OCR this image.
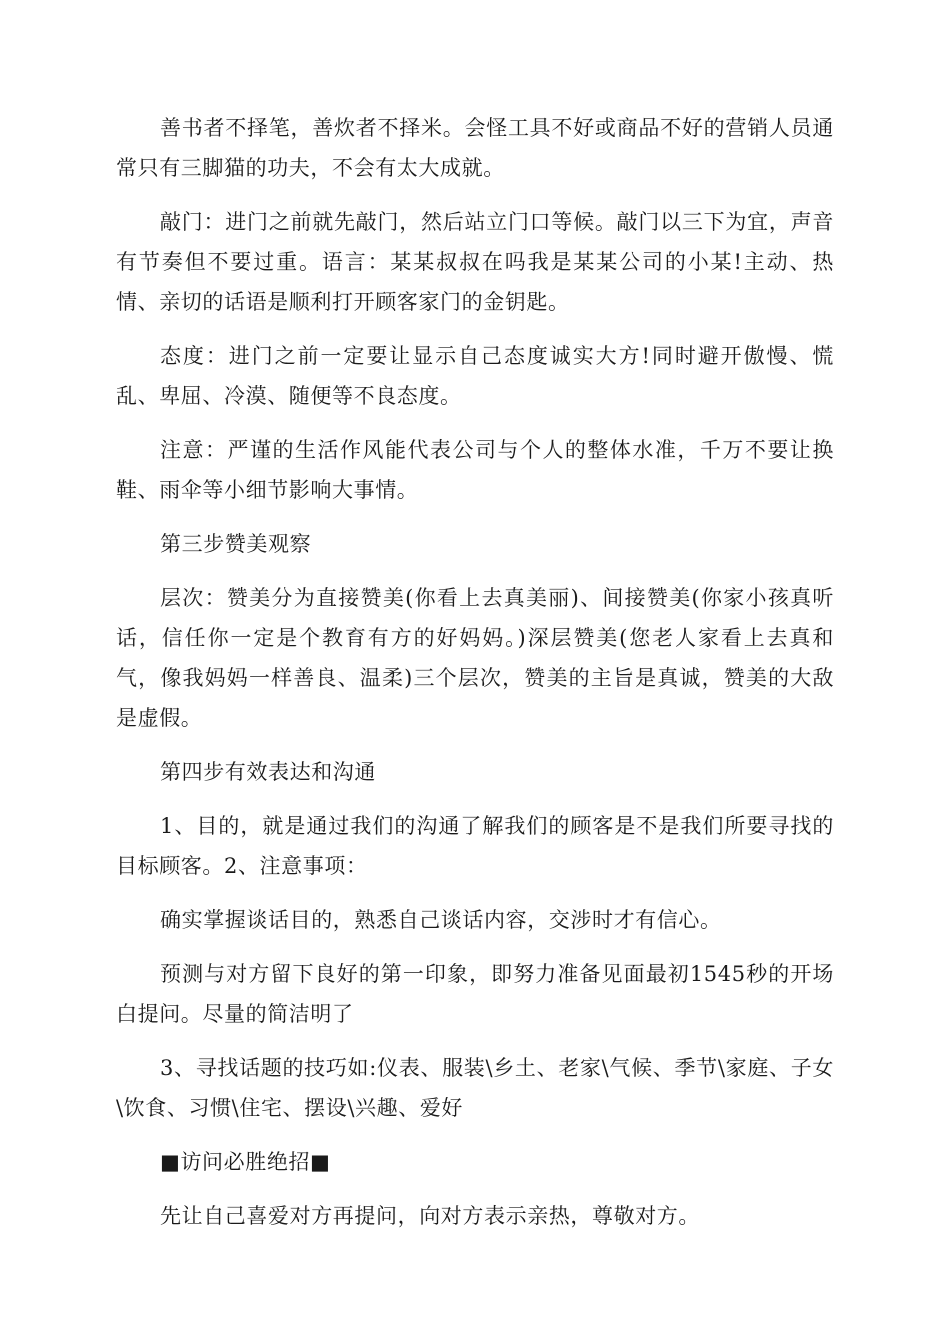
善书者不择笔，善炊者不择米。会怪工具不好或商品不好的营销人员通常只有三脚猫的功夫，不会有太大成就。

敲门：进门之前就先敲门，然后站立门口等候。敲门以三下为宜，声音有节奏但不要过重。语言：某某叔叔在吗我是某某公司的小某!主动、热情、亲切的话语是顺利打开顾客家门的金钥匙。

态度：进门之前一定要让显示自己态度诚实大方!同时避开傲慢、慌乱、卑屈、冷漠、随便等不良态度。

注意：严谨的生活作风能代表公司与个人的整体水准，千万不要让换鞋、雨伞等小细节影响大事情。

第三步赞美观察

层次：赞美分为直接赞美(你看上去真美丽)、间接赞美(你家小孩真听话，信任你一定是个教育有方的好妈妈。)深层赞美(您老人家看上去真和气，像我妈妈一样善良、温柔)三个层次，赞美的主旨是真诚，赞美的大敌是虚假。

第四步有效表达和沟通

1、目的，就是通过我们的沟通了解我们的顾客是不是我们所要寻找的目标顾客。2、注意事项：

确实掌握谈话目的，熟悉自己谈话内容，交涉时才有信心。

预测与对方留下良好的第一印象，即努力准备见面最初1545秒的开场白提问。尽量的简洁明了

3、寻找话题的技巧如:仪表、服装\乡土、老家\气候、季节\家庭、子女\饮食、习惯\住宅、摆设\兴趣、爱好

■访问必胜绝招■

先让自己喜爱对方再提问，向对方表示亲热，尊敬对方。
